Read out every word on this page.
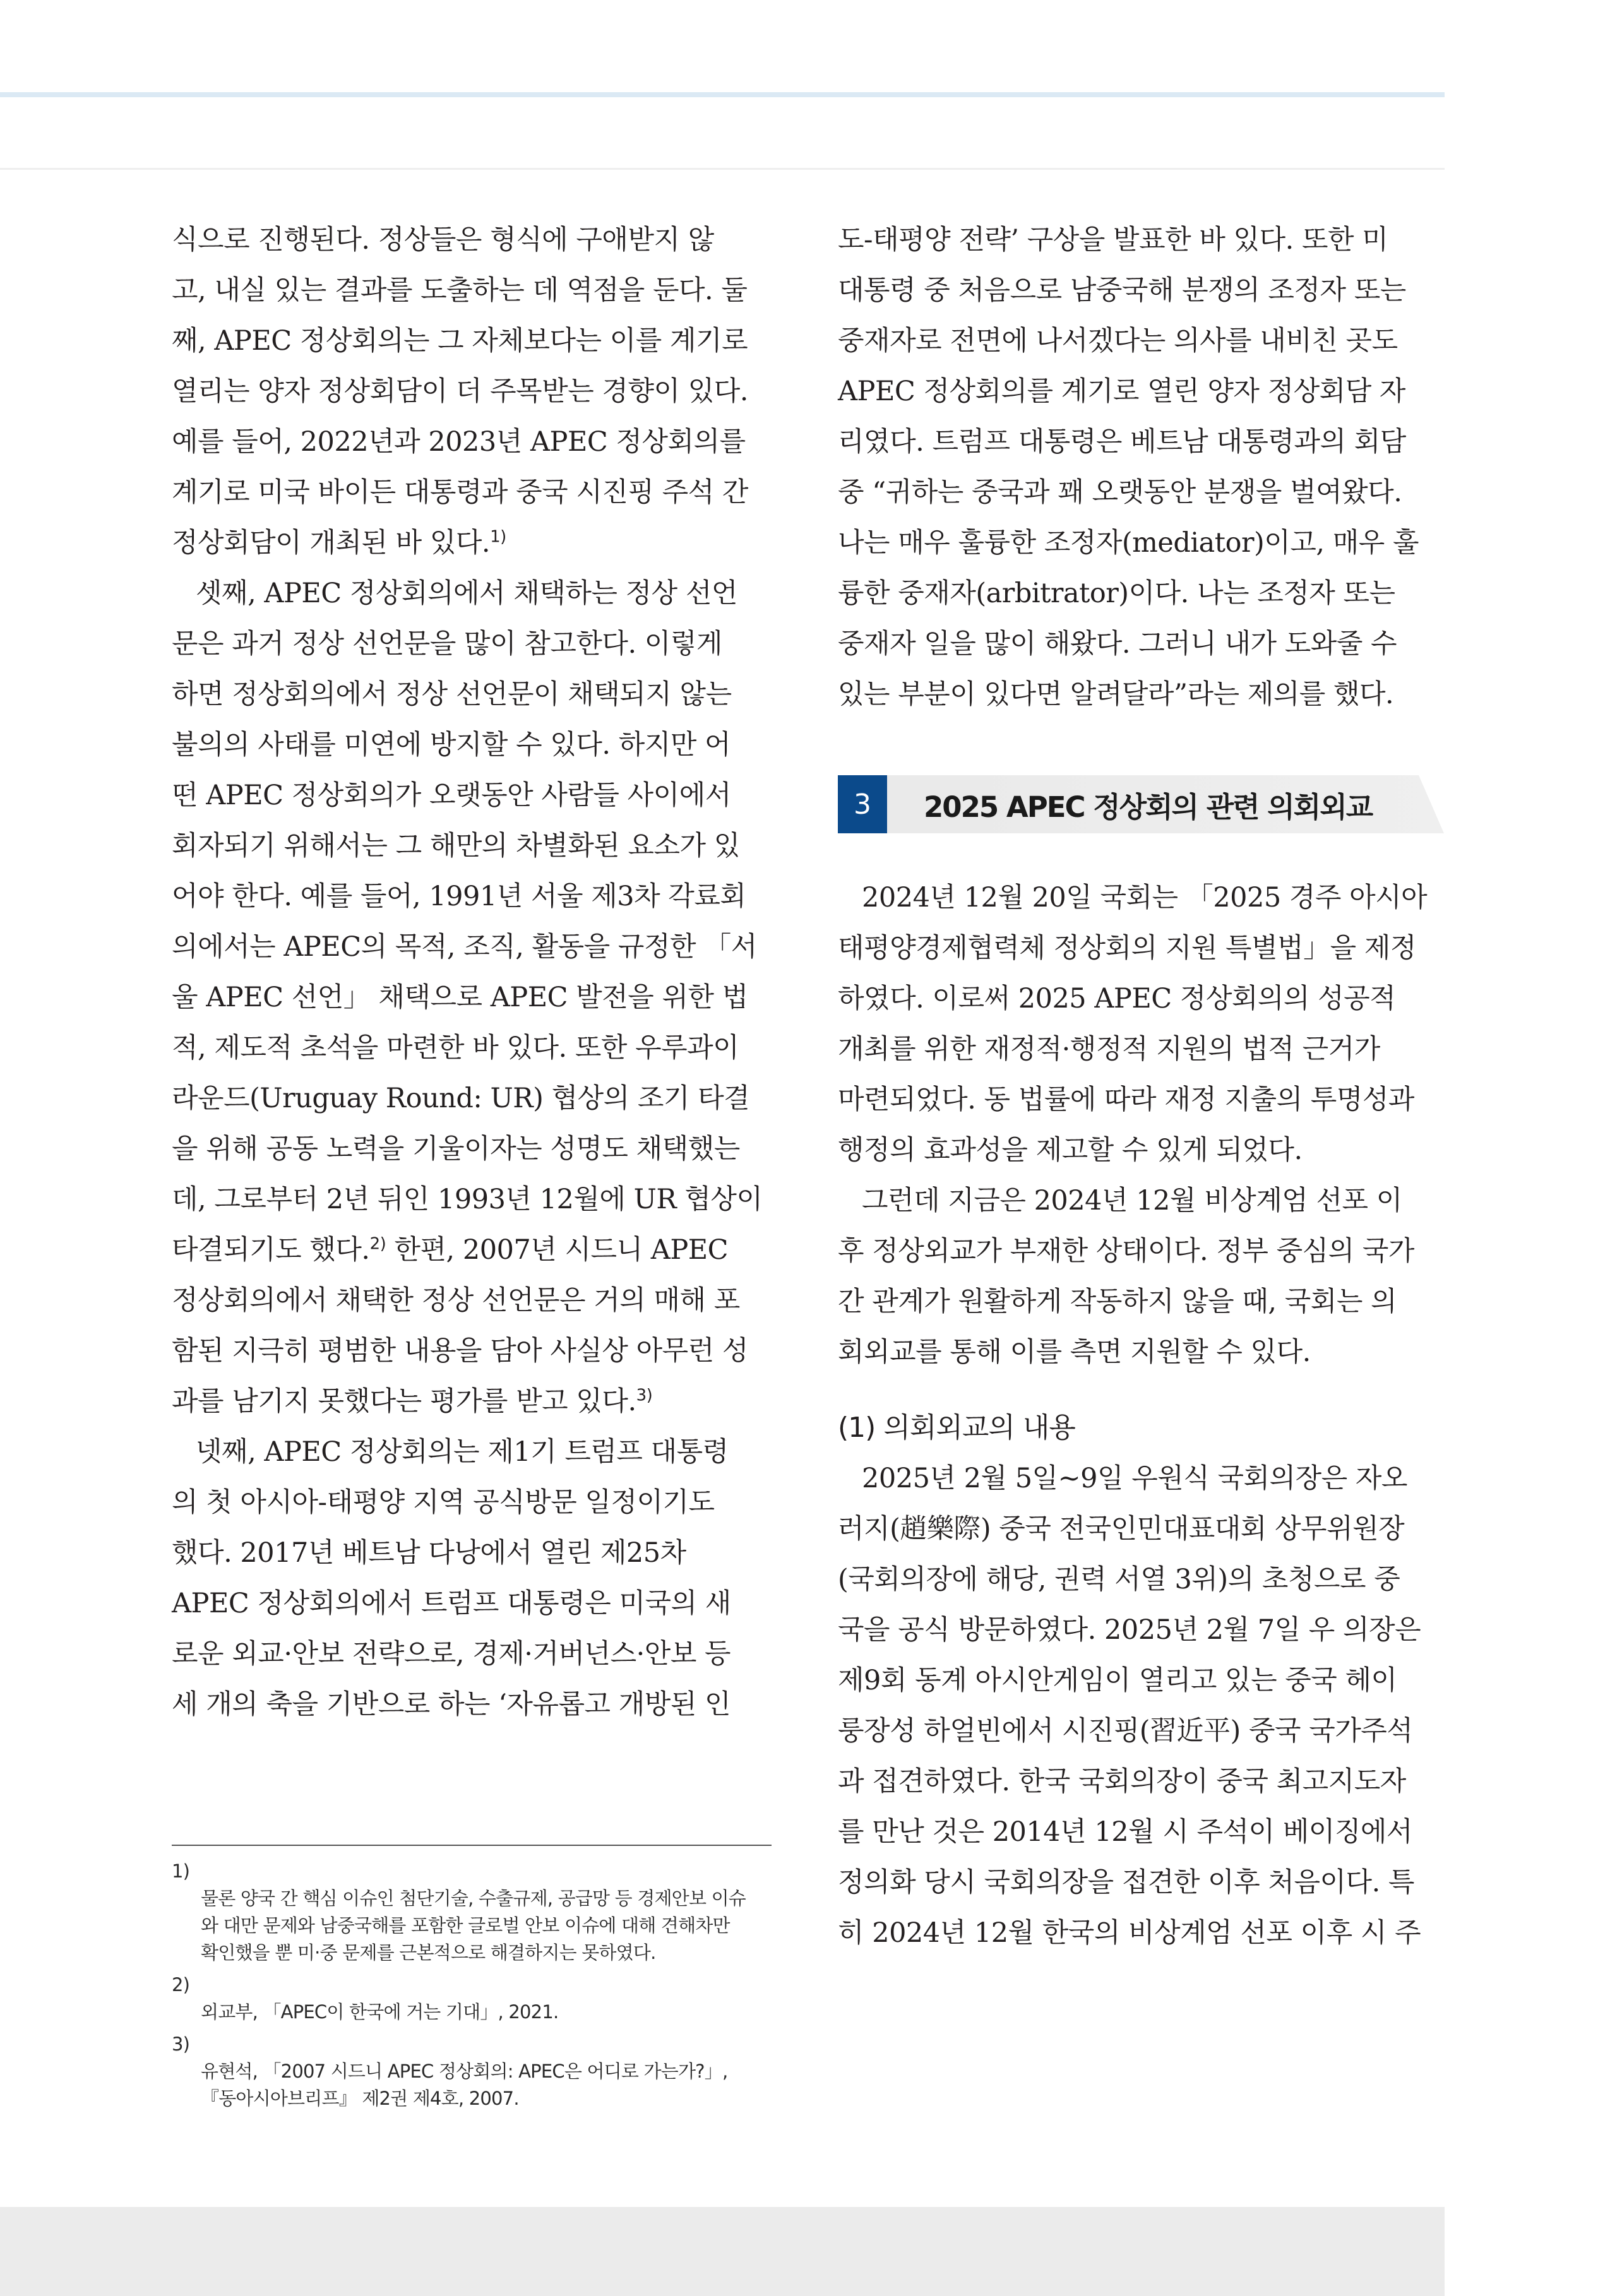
식으로 진행된다. 정상들은 형식에 구애받지 않
고, 내실 있는 결과를 도출하는 데 역점을 둔다. 둘
째, APEC 정상회의는 그 자체보다는 이를 계기로
열리는 양자 정상회담이 더 주목받는 경향이 있다.
예를 들어, 2022년과 2023년 APEC 정상회의를
계기로 미국 바이든 대통령과 중국 시진핑 주석 간
정상회담이 개최된 바 있다.$^{1)}$

셋째, APEC 정상회의에서 채택하는 정상 선언
문은 과거 정상 선언문을 많이 참고한다. 이렇게
하면 정상회의에서 정상 선언문이 채택되지 않는
불의의 사태를 미연에 방지할 수 있다. 하지만 어
떤 APEC 정상회의가 오랫동안 사람들 사이에서
회자되기 위해서는 그 해만의 차별화된 요소가 있
어야 한다. 예를 들어, 1991년 서울 제3차 각료회
의에서는 APEC의 목적, 조직, 활동을 규정한 「서
울 APEC 선언」 채택으로 APEC 발전을 위한 법
적, 제도적 초석을 마련한 바 있다. 또한 우루과이
라운드(Uruguay Round: UR) 협상의 조기 타결
을 위해 공동 노력을 기울이자는 성명도 채택했는
데, 그로부터 2년 뒤인 1993년 12월에 UR 협상이
타결되기도 했다.$^{2)}$ 한편, 2007년 시드니 APEC
정상회의에서 채택한 정상 선언문은 거의 매해 포
함된 지극히 평범한 내용을 담아 사실상 아무런 성
과를 남기지 못했다는 평가를 받고 있다.$^{3)}$

넷째, APEC 정상회의는 제1기 트럼프 대통령
의 첫 아시아-태평양 지역 공식방문 일정이기도
했다. 2017년 베트남 다낭에서 열린 제25차
APEC 정상회의에서 트럼프 대통령은 미국의 새
로운 외교·안보 전략으로, 경제·거버넌스·안보 등
세 개의 축을 기반으로 하는 ‘자유롭고 개방된 인

도-태평양 전략’ 구상을 발표한 바 있다. 또한 미
대통령 중 처음으로 남중국해 분쟁의 조정자 또는
중재자로 전면에 나서겠다는 의사를 내비친 곳도
APEC 정상회의를 계기로 열린 양자 정상회담 자
리였다. 트럼프 대통령은 베트남 대통령과의 회담
중 “귀하는 중국과 꽤 오랫동안 분쟁을 벌여왔다.
나는 매우 훌륭한 조정자(mediator)이고, 매우 훌
륭한 중재자(arbitrator)이다. 나는 조정자 또는
중재자 일을 많이 해왔다. 그러니 내가 도와줄 수
있는 부분이 있다면 알려달라”라는 제의를 했다.

3	2025 APEC 정상회의 관련 의회외교

2024년 12월 20일 국회는 「2025 경주 아시아
태평양경제협력체 정상회의 지원 특별법」을 제정
하였다. 이로써 2025 APEC 정상회의의 성공적
개최를 위한 재정적·행정적 지원의 법적 근거가
마련되었다. 동 법률에 따라 재정 지출의 투명성과
행정의 효과성을 제고할 수 있게 되었다.

그런데 지금은 2024년 12월 비상계엄 선포 이
후 정상외교가 부재한 상태이다. 정부 중심의 국가
간 관계가 원활하게 작동하지 않을 때, 국회는 의
회외교를 통해 이를 측면 지원할 수 있다.

(1) 의회외교의 내용

2025년 2월 5일~9일 우원식 국회의장은 자오
러지(趙樂際) 중국 전국인민대표대회 상무위원장
(국회의장에 해당, 권력 서열 3위)의 초청으로 중
국을 공식 방문하였다. 2025년 2월 7일 우 의장은
제9회 동계 아시안게임이 열리고 있는 중국 헤이
룽장성 하얼빈에서 시진핑(習近平) 중국 국가주석
과 접견하였다. 한국 국회의장이 중국 최고지도자
를 만난 것은 2014년 12월 시 주석이 베이징에서
정의화 당시 국회의장을 접견한 이후 처음이다. 특
히 2024년 12월 한국의 비상계엄 선포 이후 시 주

1)
물론 양국 간 핵심 이슈인 첨단기술, 수출규제, 공급망 등 경제안보 이슈
와 대만 문제와 남중국해를 포함한 글로벌 안보 이슈에 대해 견해차만
확인했을 뿐 미·중 문제를 근본적으로 해결하지는 못하였다.

2)
외교부, 「APEC이 한국에 거는 기대」, 2021.

3)
유현석, 「2007 시드니 APEC 정상회의: APEC은 어디로 가는가?」,
『동아시아브리프』 제2권 제4호, 2007.
